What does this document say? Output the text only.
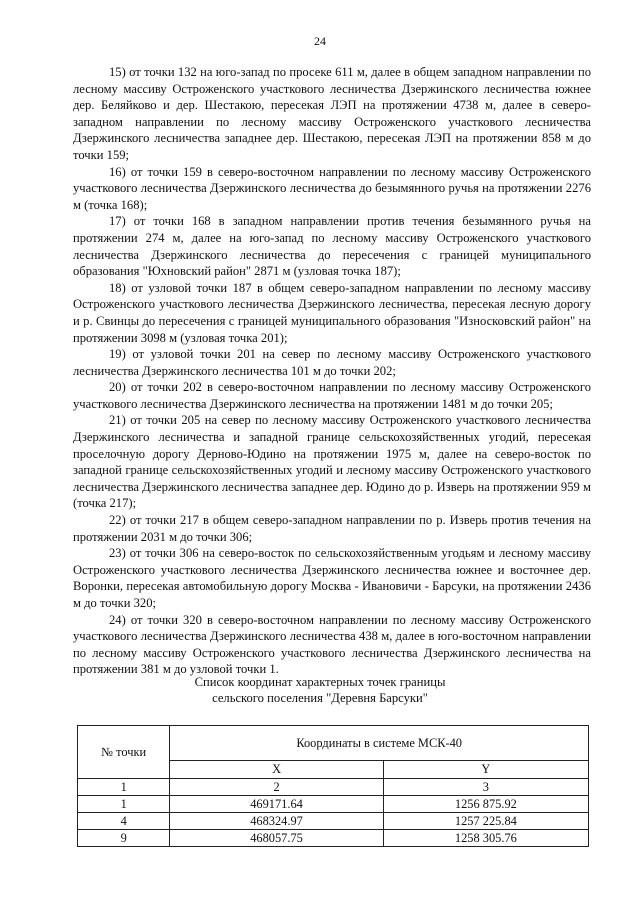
24

15) от точки 132 на юго-запад по просеке 611 м, далее в общем западном направлении по лесному массиву Остроженского участкового лесничества Дзержинского лесничества южнее дер. Беляйково и дер. Шестакою, пересекая ЛЭП на протяжении 4738 м, далее в северо-западном направлении по лесному массиву Остроженского участкового лесничества Дзержинского лесничества западнее дер. Шестакою, пересекая ЛЭП на протяжении 858 м до точки 159;

16) от точки 159 в северо-восточном направлении по лесному массиву Остроженского участкового лесничества Дзержинского лесничества до безымянного ручья на протяжении 2276 м (точка 168);

17) от точки 168 в западном направлении против течения безымянного ручья на протяжении 274 м, далее на юго-запад по лесному массиву Остроженского участкового лесничества Дзержинского лесничества до пересечения с границей муниципального образования "Юхновский район" 2871 м (узловая точка 187);

18) от узловой точки 187 в общем северо-западном направлении по лесному массиву Остроженского участкового лесничества Дзержинского лесничества, пересекая лесную дорогу и р. Свинцы до пересечения с границей муниципального образования "Износковский район" на протяжении 3098 м (узловая точка 201);

19) от узловой точки 201 на север по лесному массиву Остроженского участкового лесничества Дзержинского лесничества 101 м до точки 202;

20) от точки 202 в северо-восточном направлении по лесному массиву Остроженского участкового лесничества Дзержинского лесничества на протяжении 1481 м до точки 205;

21) от точки 205 на север по лесному массиву Остроженского участкового лесничества Дзержинского лесничества и западной границе сельскохозяйственных угодий, пересекая проселочную дорогу Дерново-Юдино на протяжении 1975 м, далее на северо-восток по западной границе сельскохозяйственных угодий и лесному массиву Остроженского участкового лесничества Дзержинского лесничества западнее дер. Юдино до р. Изверь на протяжении 959 м (точка 217);

22) от точки 217 в общем северо-западном направлении по р. Изверь против течения на протяжении 2031 м до точки 306;

23) от точки 306 на северо-восток по сельскохозяйственным угодьям и лесному массиву Остроженского участкового лесничества Дзержинского лесничества южнее и восточнее дер. Воронки, пересекая автомобильную дорогу Москва - Ивановичи - Барсуки, на протяжении 2436 м до точки 320;

24) от точки 320 в северо-восточном направлении по лесному массиву Остроженского участкового лесничества Дзержинского лесничества 438 м, далее в юго-восточном направлении по лесному массиву Остроженского участкового лесничества Дзержинского лесничества на протяжении 381 м до узловой точки 1.

Список координат характерных точек границы
сельского поселения "Деревня Барсуки"
№ точки	Координаты в системе МСК-40	
	X	Y
1	2	3
1	469171.64	1256 875.92
4	468324.97	1257 225.84
9	468057.75	1258 305.76
